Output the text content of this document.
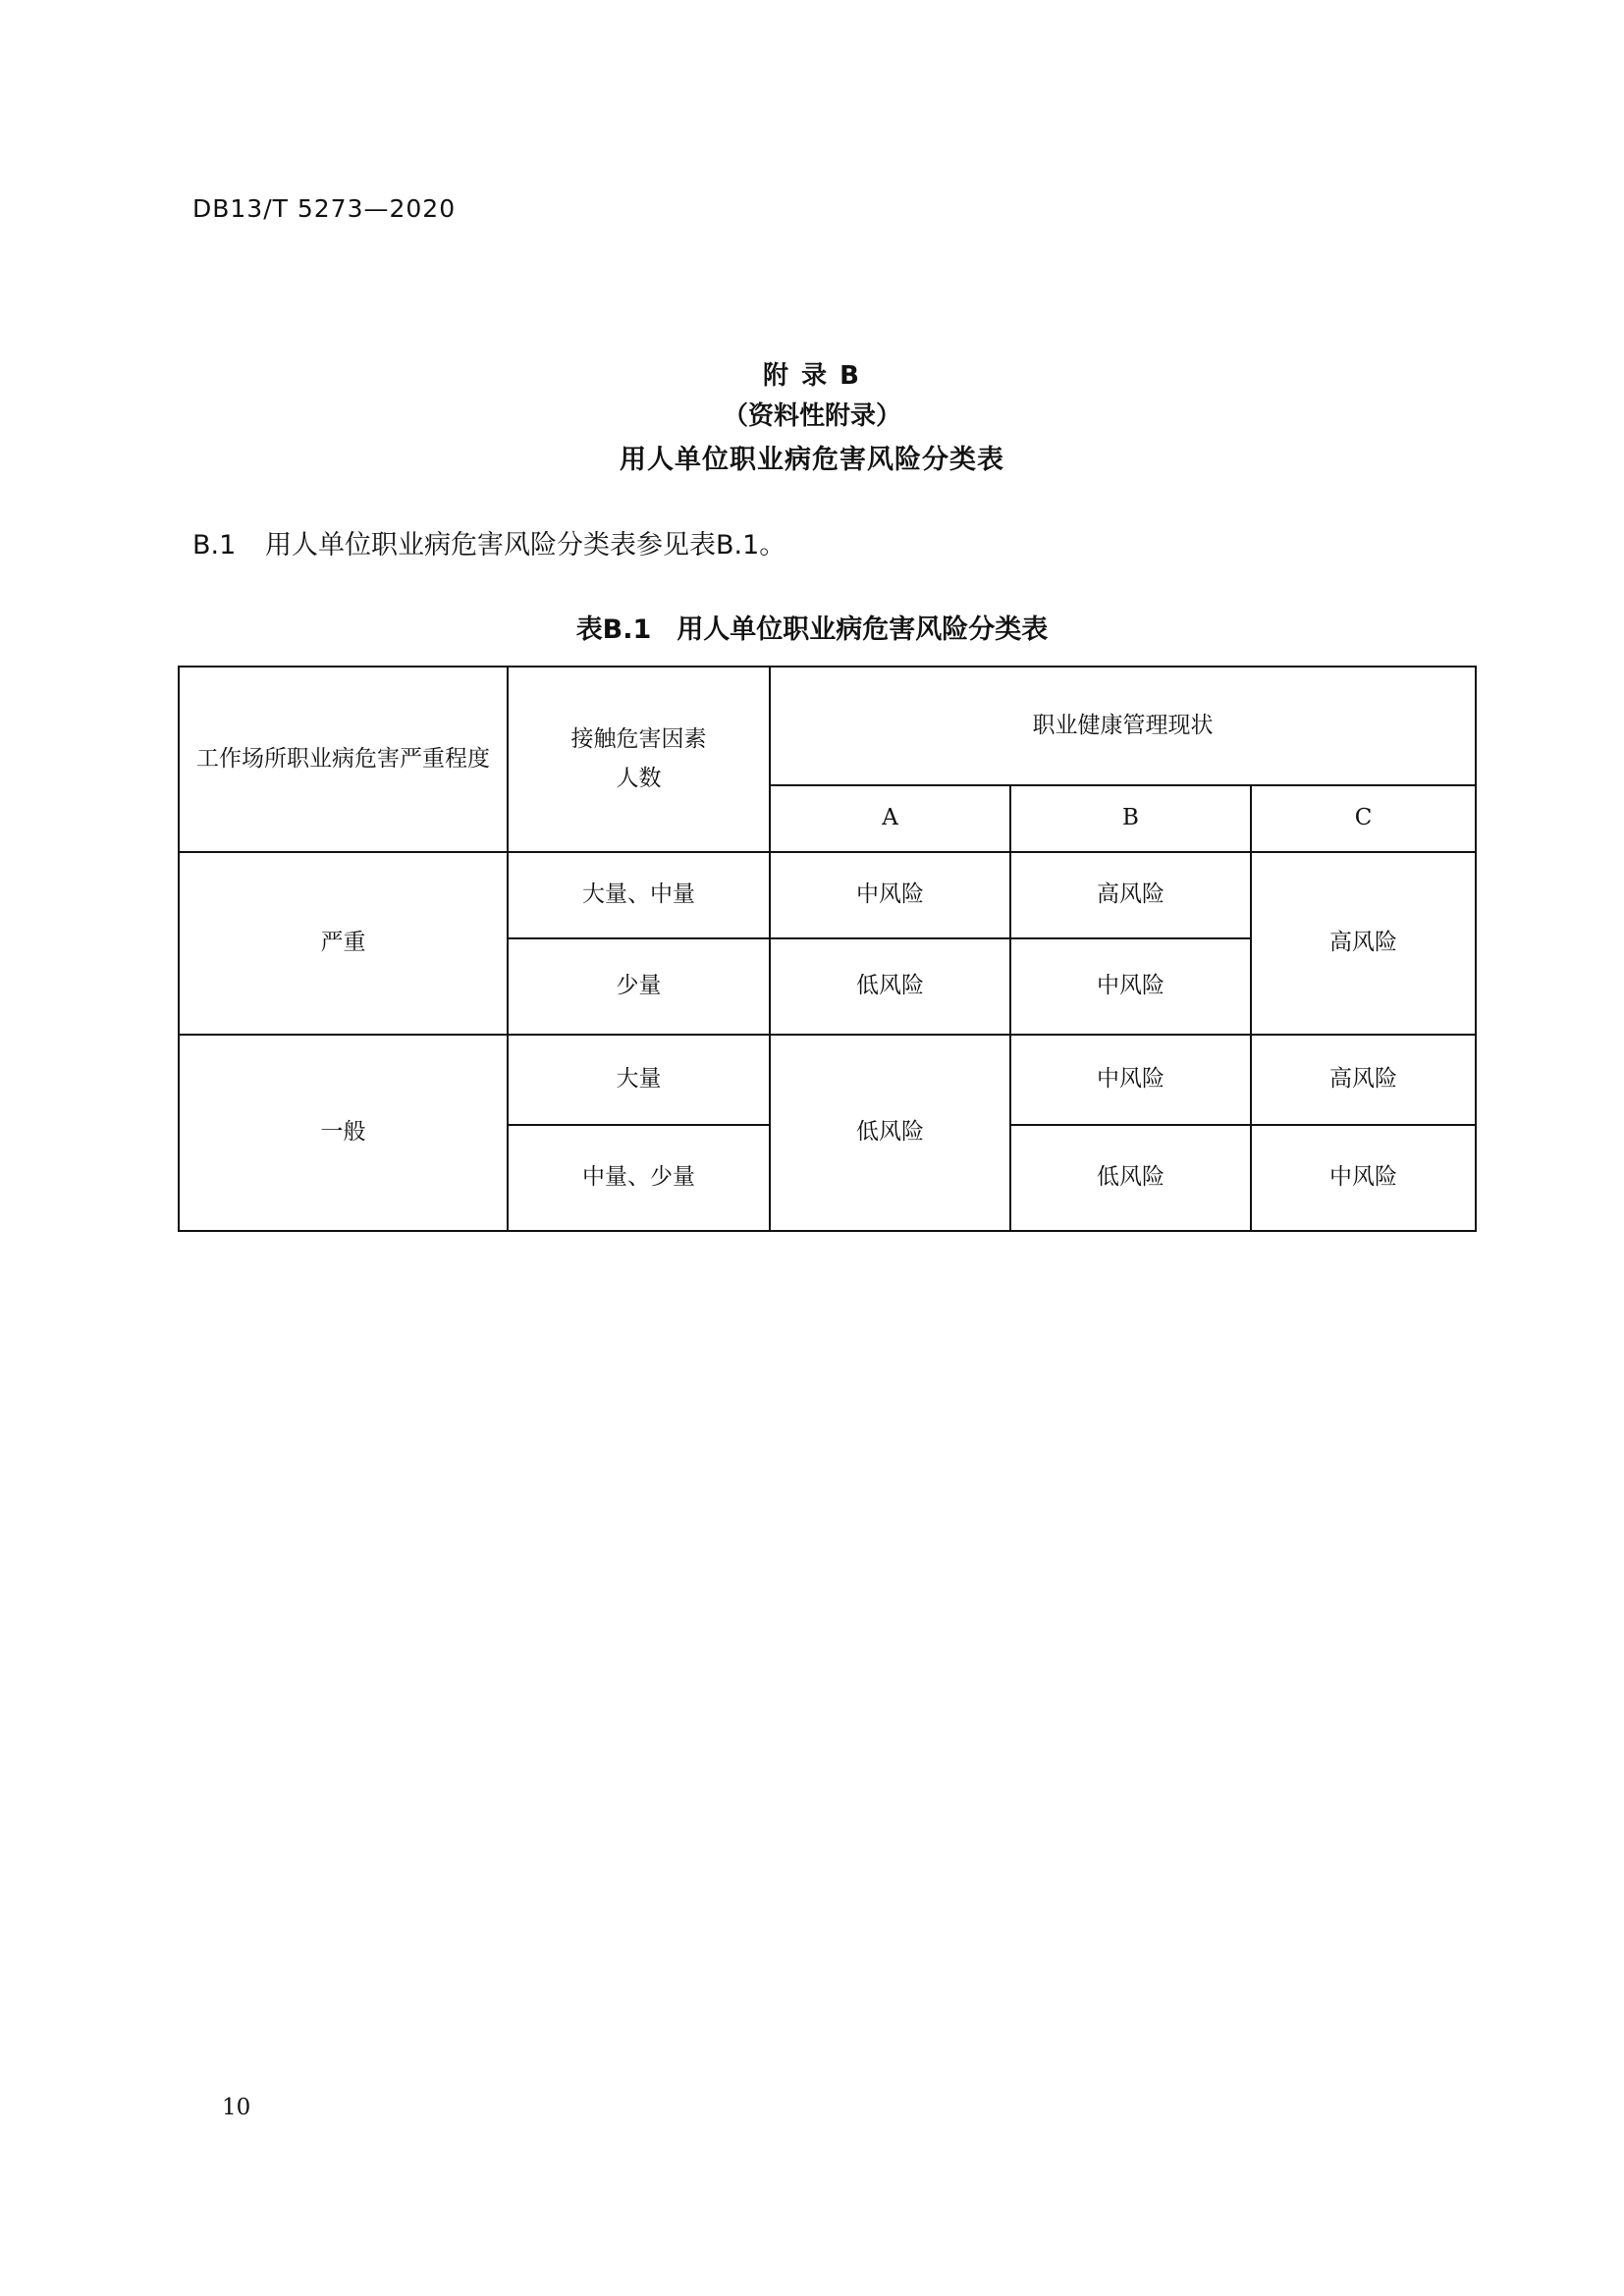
DB13/T 5273—2020
附 录 B
（资料性附录）
用人单位职业病危害风险分类表
B.1 用人单位职业病危害风险分类表参见表B.1。
表B.1 用人单位职业病危害风险分类表
工作场所职业病危害严重程度	接触危害因素人数	职业健康管理现状		
		A	B	C
严重	大量、中量	中风险	高风险	高风险
	少量	低风险	中风险	
一般	大量	低风险	中风险	高风险
	中量、少量		低风险	中风险
10
